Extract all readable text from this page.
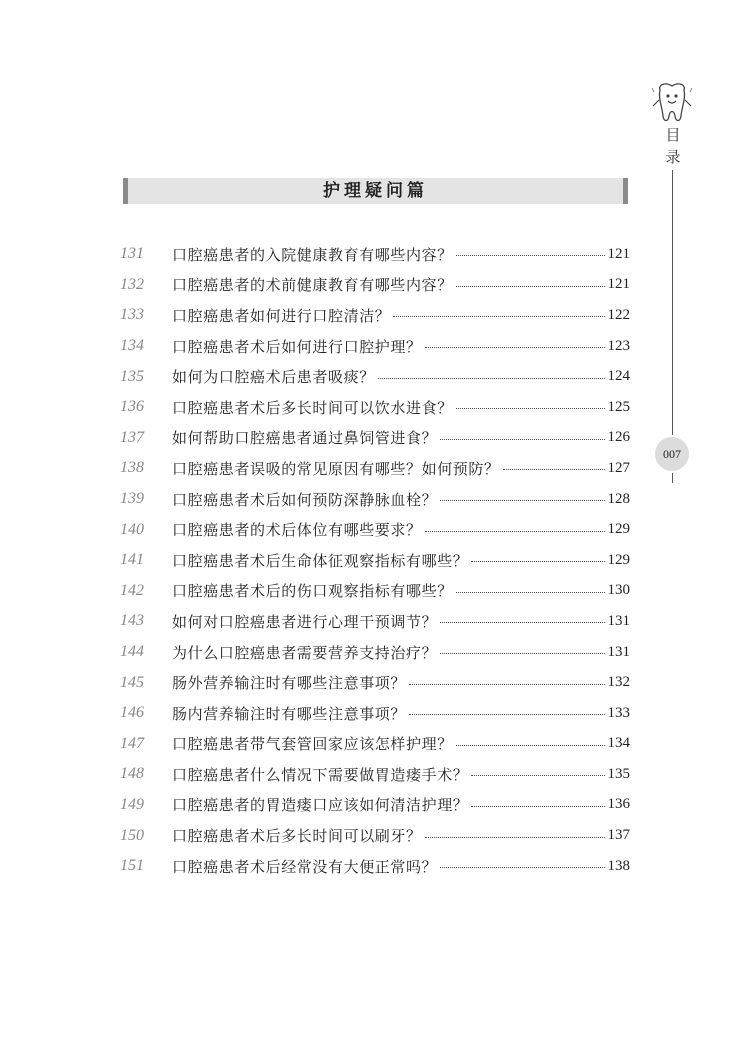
目
录
007
护理疑问篇
131	口腔癌患者的入院健康教育有哪些内容？	121
132	口腔癌患者的术前健康教育有哪些内容？	121
133	口腔癌患者如何进行口腔清洁？	122
134	口腔癌患者术后如何进行口腔护理？	123
135	如何为口腔癌术后患者吸痰？	124
136	口腔癌患者术后多长时间可以饮水进食？	125
137	如何帮助口腔癌患者通过鼻饲管进食？	126
138	口腔癌患者误吸的常见原因有哪些？如何预防？	127
139	口腔癌患者术后如何预防深静脉血栓？	128
140	口腔癌患者的术后体位有哪些要求？	129
141	口腔癌患者术后生命体征观察指标有哪些？	129
142	口腔癌患者术后的伤口观察指标有哪些？	130
143	如何对口腔癌患者进行心理干预调节？	131
144	为什么口腔癌患者需要营养支持治疗？	131
145	肠外营养输注时有哪些注意事项？	132
146	肠内营养输注时有哪些注意事项？	133
147	口腔癌患者带气套管回家应该怎样护理？	134
148	口腔癌患者什么情况下需要做胃造瘘手术？	135
149	口腔癌患者的胃造瘘口应该如何清洁护理？	136
150	口腔癌患者术后多长时间可以刷牙？	137
151	口腔癌患者术后经常没有大便正常吗？	138
